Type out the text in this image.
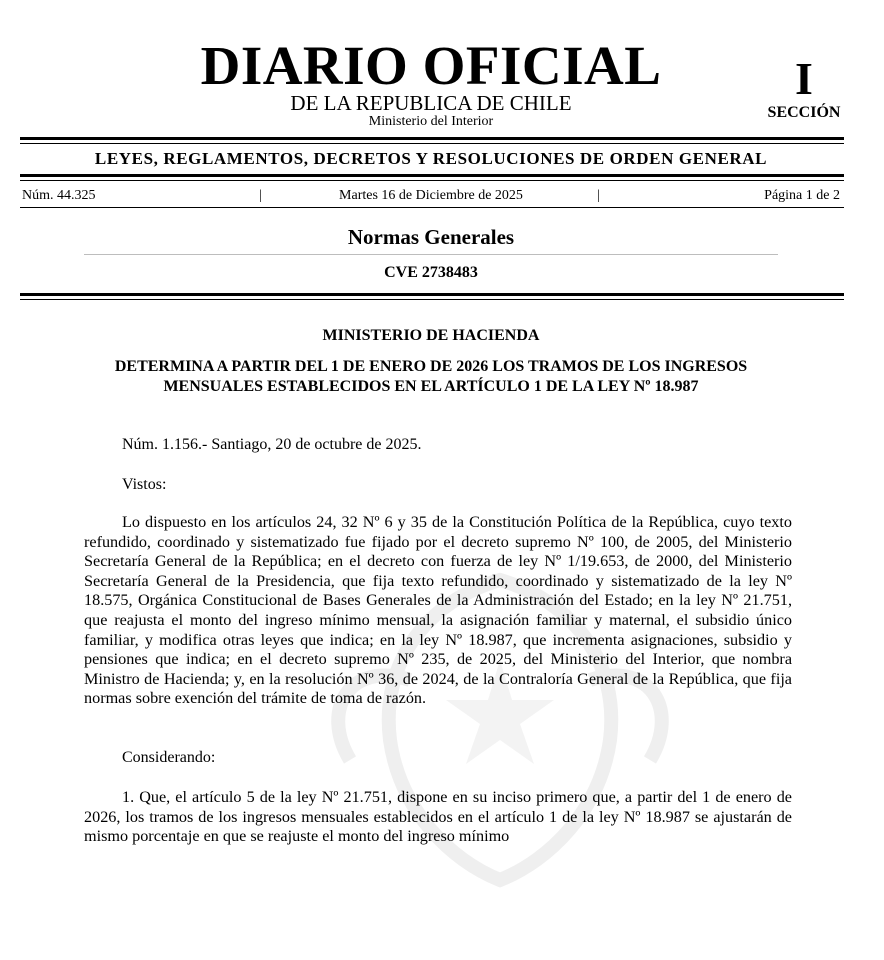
DIARIO OFICIAL
DE LA REPUBLICA DE CHILE
Ministerio del Interior
I
SECCIÓN
LEYES, REGLAMENTOS, DECRETOS Y RESOLUCIONES DE ORDEN GENERAL
Núm. 44.325	|	Martes 16 de Diciembre de 2025	|	Página 1 de 2
Normas Generales
CVE 2738483
MINISTERIO DE HACIENDA
DETERMINA A PARTIR DEL 1 DE ENERO DE 2026 LOS TRAMOS DE LOS INGRESOS MENSUALES ESTABLECIDOS EN EL ARTÍCULO 1 DE LA LEY Nº 18.987
Núm. 1.156.- Santiago, 20 de octubre de 2025.
Vistos:
Lo dispuesto en los artículos 24, 32 Nº 6 y 35 de la Constitución Política de la República, cuyo texto refundido, coordinado y sistematizado fue fijado por el decreto supremo Nº 100, de 2005, del Ministerio Secretaría General de la República; en el decreto con fuerza de ley Nº 1/19.653, de 2000, del Ministerio Secretaría General de la Presidencia, que fija texto refundido, coordinado y sistematizado de la ley Nº 18.575, Orgánica Constitucional de Bases Generales de la Administración del Estado; en la ley Nº 21.751, que reajusta el monto del ingreso mínimo mensual, la asignación familiar y maternal, el subsidio único familiar, y modifica otras leyes que indica; en la ley Nº 18.987, que incrementa asignaciones, subsidio y pensiones que indica; en el decreto supremo Nº 235, de 2025, del Ministerio del Interior, que nombra Ministro de Hacienda; y, en la resolución Nº 36, de 2024, de la Contraloría General de la República, que fija normas sobre exención del trámite de toma de razón.
Considerando:
1. Que, el artículo 5 de la ley Nº 21.751, dispone en su inciso primero que, a partir del 1 de enero de 2026, los tramos de los ingresos mensuales establecidos en el artículo 1 de la ley Nº 18.987 se ajustarán de mismo porcentaje en que se reajuste el monto del ingreso mínimo
